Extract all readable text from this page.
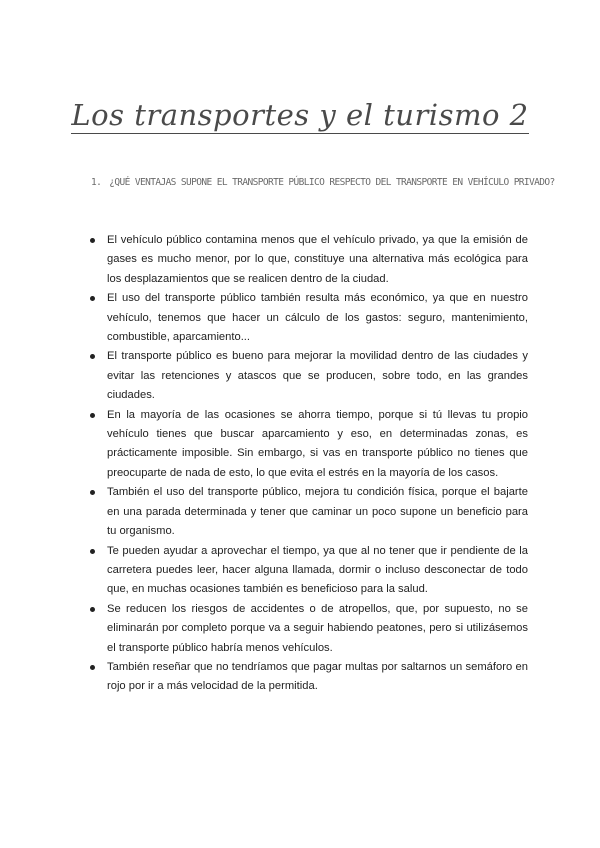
Los transportes y el turismo 2
1. ¿QUÉ VENTAJAS SUPONE EL TRANSPORTE PÚBLICO RESPECTO DEL TRANSPORTE EN VEHÍCULO PRIVADO?
El vehículo público contamina menos que el vehículo privado, ya que la emisión de gases es mucho menor, por lo que, constituye una alternativa más ecológica para los desplazamientos que se realicen dentro de la ciudad.
El uso del transporte público también resulta más económico, ya que en nuestro vehículo, tenemos que hacer un cálculo de los gastos: seguro, mantenimiento, combustible, aparcamiento...
El transporte público es bueno para mejorar la movilidad dentro de las ciudades y evitar las retenciones y atascos que se producen, sobre todo, en las grandes ciudades.
En la mayoría de las ocasiones se ahorra tiempo, porque si tú llevas tu propio vehículo tienes que buscar aparcamiento y eso, en determinadas zonas, es prácticamente imposible. Sin embargo, si vas en transporte público no tienes que preocuparte de nada de esto, lo que evita el estrés en la mayoría de los casos.
También el uso del transporte público, mejora tu condición física, porque el bajarte en una parada determinada y tener que caminar un poco supone un beneficio para tu organismo.
Te pueden ayudar a aprovechar el tiempo, ya que al no tener que ir pendiente de la carretera puedes leer, hacer alguna llamada, dormir o incluso desconectar de todo que, en muchas ocasiones también es beneficioso para la salud.
Se reducen los riesgos de accidentes o de atropellos, que, por supuesto, no se eliminarán por completo porque va a seguir habiendo peatones, pero si utilizásemos el transporte público habría menos vehículos.
También reseñar que no tendríamos que pagar multas por saltarnos un semáforo en rojo por ir a más velocidad de la permitida.
